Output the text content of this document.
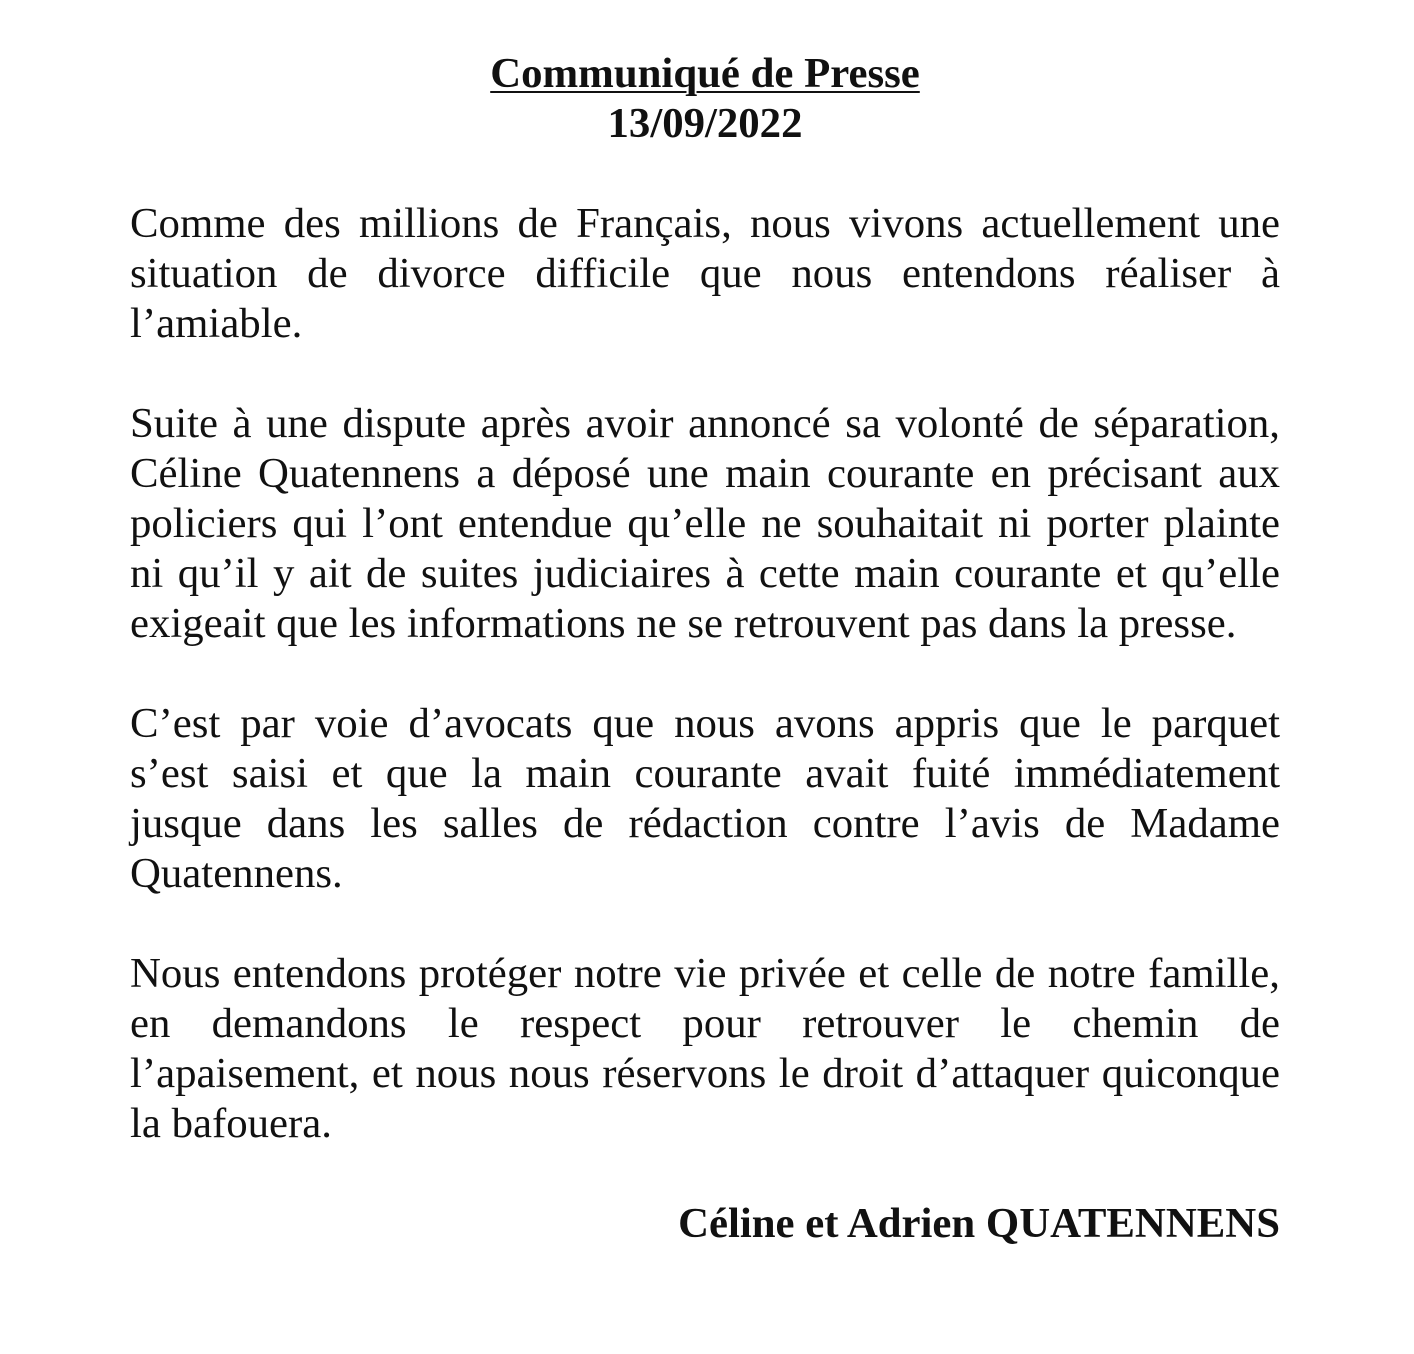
Communiqué de Presse
13/09/2022
Comme des millions de Français, nous vivons actuellement une
situation de divorce difficile que nous entendons réaliser à
l’amiable.
Suite à une dispute après avoir annoncé sa volonté de séparation,
Céline Quatennens a déposé une main courante en précisant aux
policiers qui l’ont entendue qu’elle ne souhaitait ni porter plainte
ni qu’il y ait de suites judiciaires à cette main courante et qu’elle
exigeait que les informations ne se retrouvent pas dans la presse.
C’est par voie d’avocats que nous avons appris que le parquet
s’est saisi et que la main courante avait fuité immédiatement
jusque dans les salles de rédaction contre l’avis de Madame
Quatennens.
Nous entendons protéger notre vie privée et celle de notre famille,
en demandons le respect pour retrouver le chemin de
l’apaisement, et nous nous réservons le droit d’attaquer quiconque
la bafouera.
Céline et Adrien QUATENNENS
